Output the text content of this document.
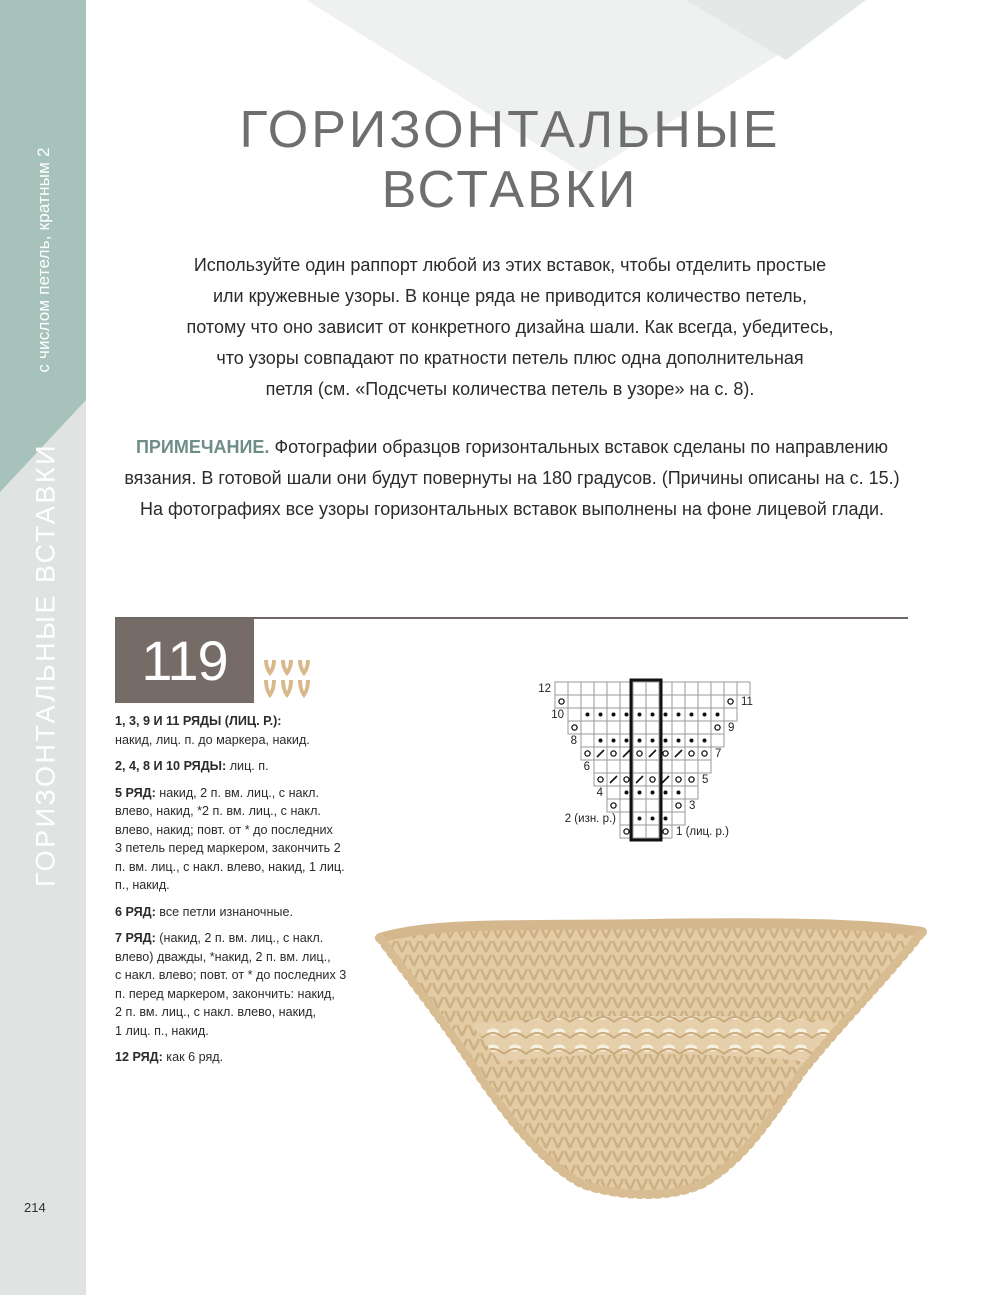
с числом петель, кратным 2
ГОРИЗОНТАЛЬНЫЕ ВСТАВКИ
214
ГОРИЗОНТАЛЬНЫЕ
ВСТАВКИ
Используйте один раппорт любой из этих вставок, чтобы отделить простые
или кружевные узоры. В конце ряда не приводится количество петель,
потому что оно зависит от конкретного дизайна шали. Как всегда, убедитесь,
что узоры совпадают по кратности петель плюс одна дополнительная
петля (см. «Подсчеты количества петель в узоре» на с. 8).
ПРИМЕЧАНИЕ. Фотографии образцов горизонтальных вставок сделаны по направлению
вязания. В готовой шали они будут повернуты на 180 градусов. (Причины описаны на с. 15.)
На фотографиях все узоры горизонтальных вставок выполнены на фоне лицевой глади.
119
1, 3, 9 И 11 РЯДЫ (ЛИЦ. Р.):
накид, лиц. п. до маркера, накид.
2, 4, 8 И 10 РЯДЫ: лиц. п.
5 РЯД: накид, 2 п. вм. лиц., с накл.
влево, накид, *2 п. вм. лиц., с накл.
влево, накид; повт. от * до последних
3 петель перед маркером, закончить 2
п. вм. лиц., с накл. влево, накид, 1 лиц.
п., накид.
6 РЯД: все петли изнаночные.
7 РЯД: (накид, 2 п. вм. лиц., с накл.
влево) дважды, *накид, 2 п. вм. лиц.,
с накл. влево; повт. от * до последних 3
п. перед маркером, закончить: накид,
2 п. вм. лиц., с накл. влево, накид,
1 лиц. п., накид.
12 РЯД: как 6 ряд.
12
10
8
6
4
2 (изн. р.)
11
9
7
5
3
1 (лиц. р.)
